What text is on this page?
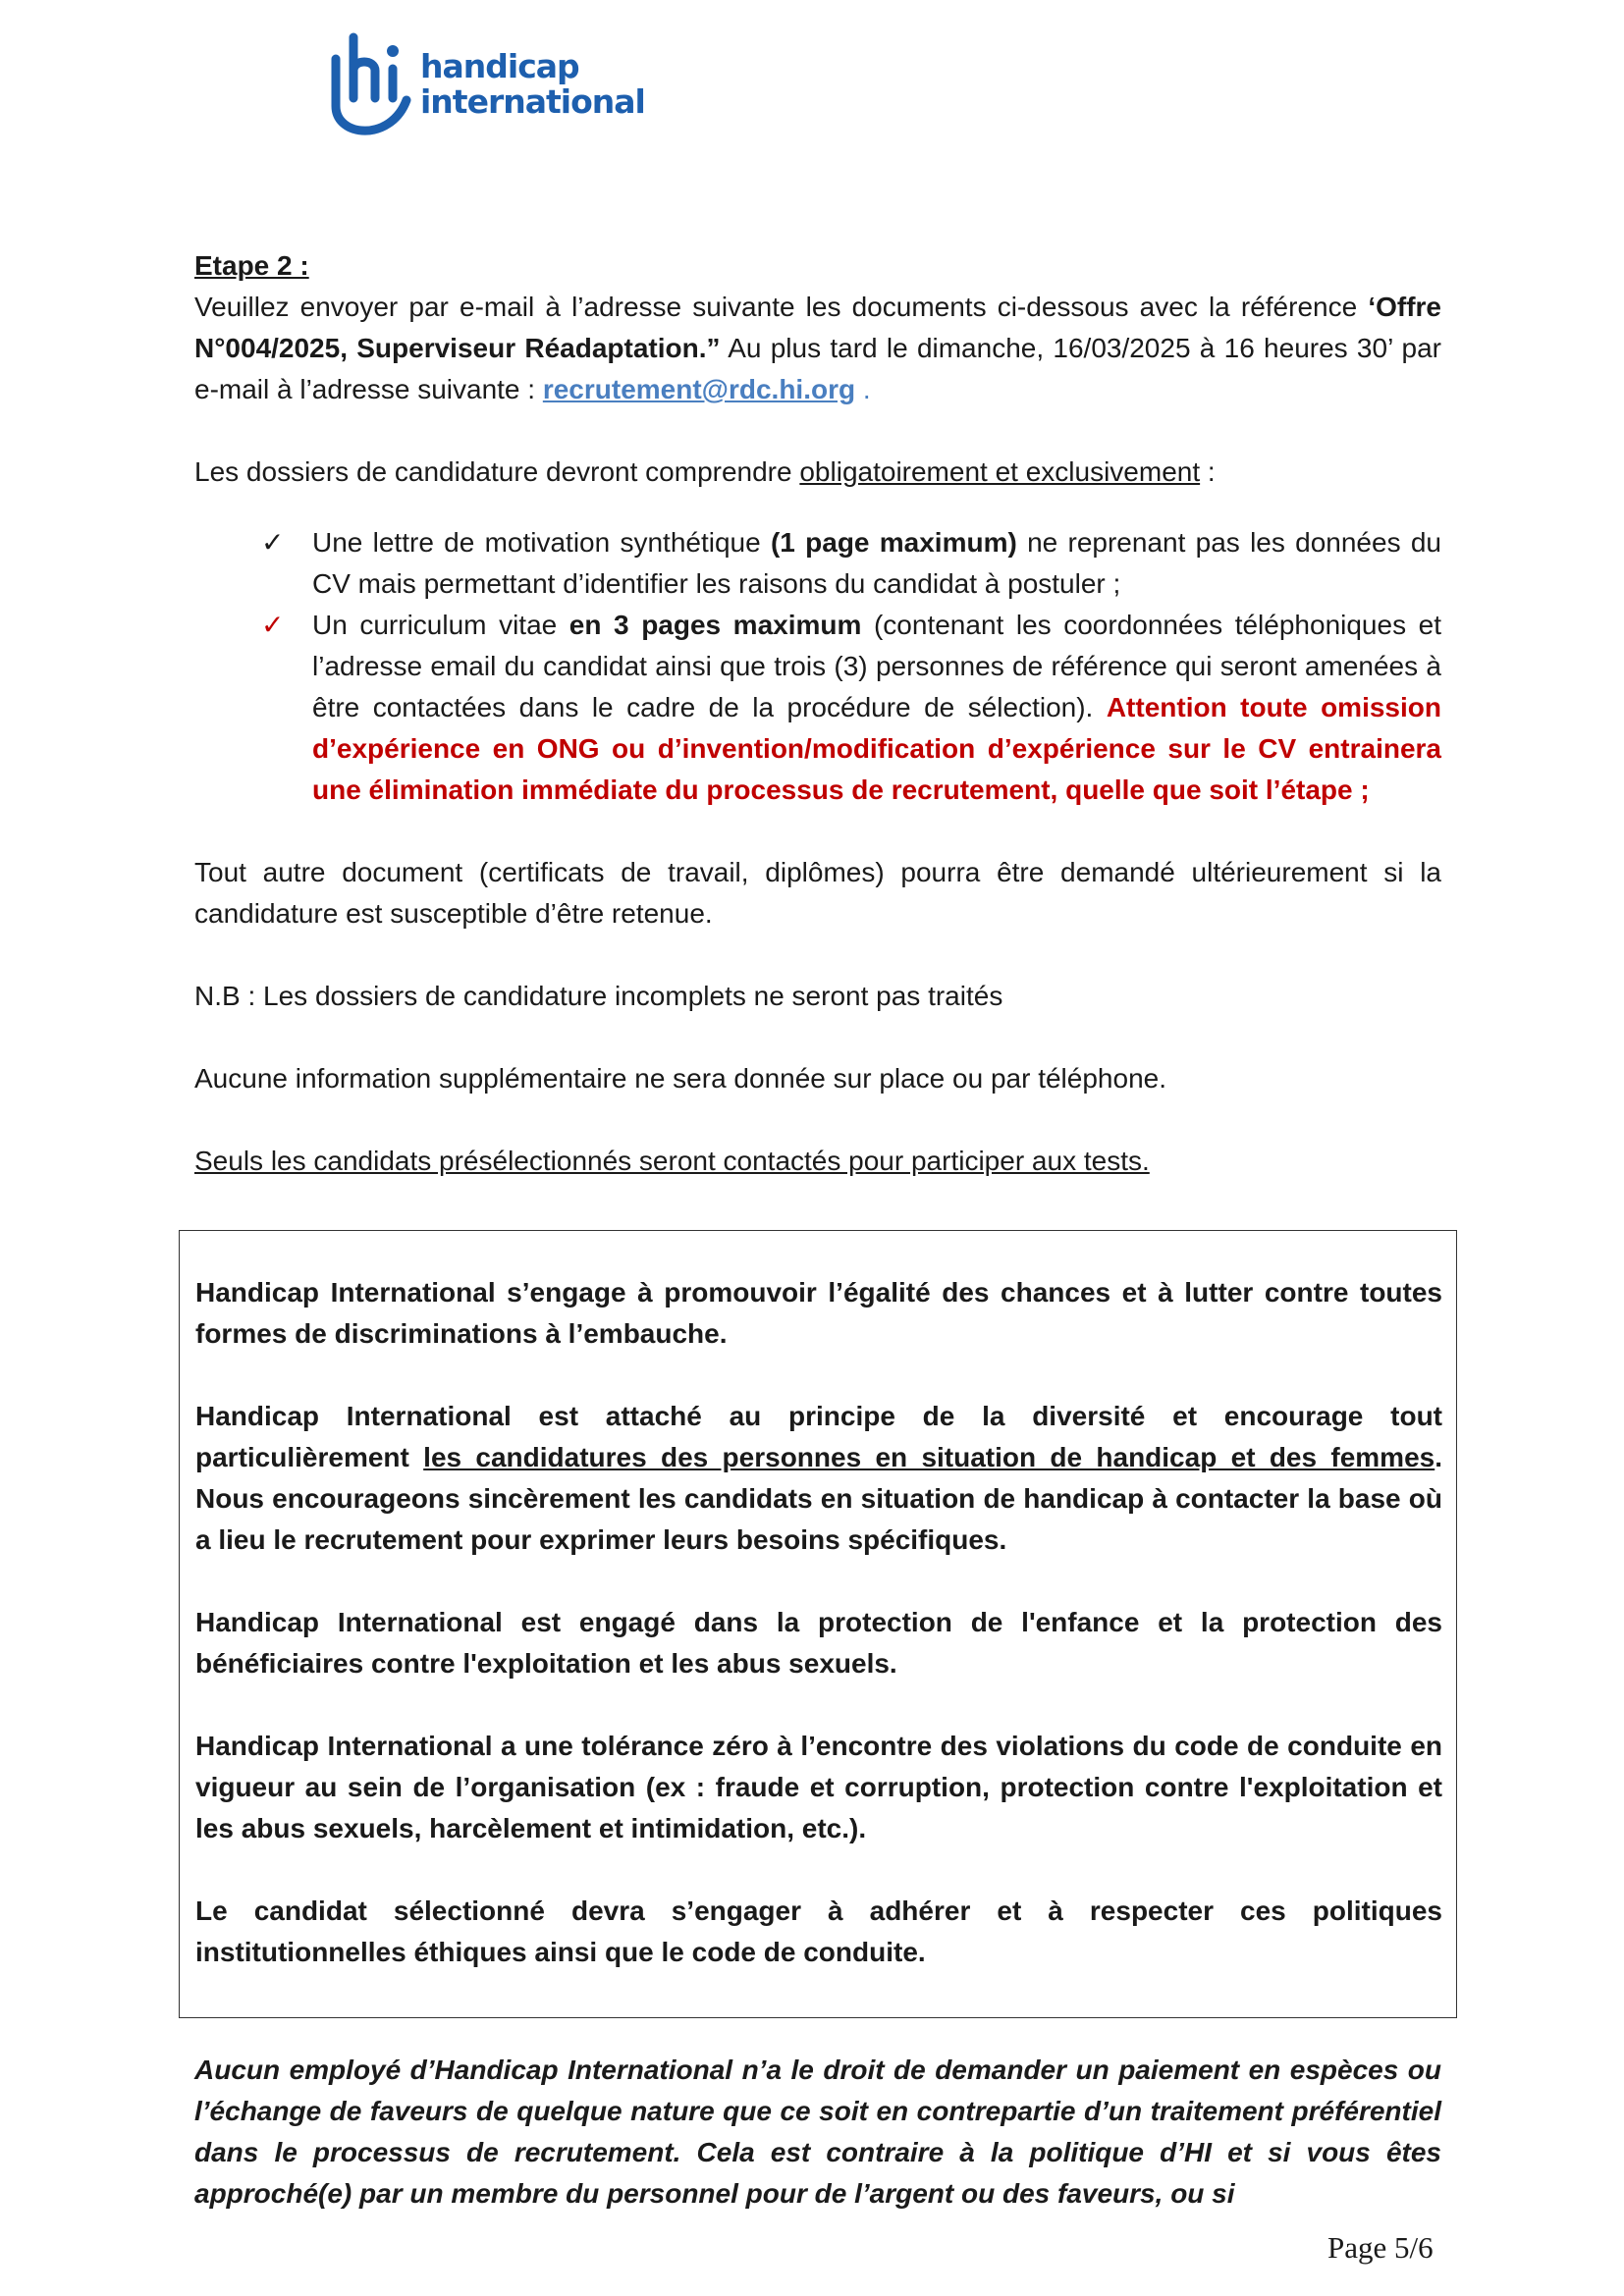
handicap
international

Etape 2 :

Veuillez envoyer par e-mail à l’adresse suivante les documents ci-dessous avec la référence ‘Offre N°004/2025, Superviseur Réadaptation.” Au plus tard le dimanche, 16/03/2025 à 16 heures 30’ par e-mail à l’adresse suivante : recrutement@rdc.hi.org .

Les dossiers de candidature devront comprendre obligatoirement et exclusivement :

✓ Une lettre de motivation synthétique (1 page maximum) ne reprenant pas les données du CV mais permettant d’identifier les raisons du candidat à postuler ;
✓ Un curriculum vitae en 3 pages maximum (contenant les coordonnées téléphoniques et l’adresse email du candidat ainsi que trois (3) personnes de référence qui seront amenées à être contactées dans le cadre de la procédure de sélection). Attention toute omission d’expérience en ONG ou d’invention/modification d’expérience sur le CV entrainera une élimination immédiate du processus de recrutement, quelle que soit l’étape ;

Tout autre document (certificats de travail, diplômes) pourra être demandé ultérieurement si la candidature est susceptible d’être retenue.

N.B : Les dossiers de candidature incomplets ne seront pas traités

Aucune information supplémentaire ne sera donnée sur place ou par téléphone.

Seuls les candidats présélectionnés seront contactés pour participer aux tests.

Handicap International s’engage à promouvoir l’égalité des chances et à lutter contre toutes formes de discriminations à l’embauche.

Handicap International est attaché au principe de la diversité et encourage tout particulièrement les candidatures des personnes en situation de handicap et des femmes. Nous encourageons sincèrement les candidats en situation de handicap à contacter la base où a lieu le recrutement pour exprimer leurs besoins spécifiques.

Handicap International est engagé dans la protection de l'enfance et la protection des bénéficiaires contre l'exploitation et les abus sexuels.

Handicap International a une tolérance zéro à l’encontre des violations du code de conduite en vigueur au sein de l’organisation (ex : fraude et corruption, protection contre l'exploitation et les abus sexuels, harcèlement et intimidation, etc.).

Le candidat sélectionné devra s’engager à adhérer et à respecter ces politiques institutionnelles éthiques ainsi que le code de conduite.

Aucun employé d’Handicap International n’a le droit de demander un paiement en espèces ou l’échange de faveurs de quelque nature que ce soit en contrepartie d’un traitement préférentiel dans le processus de recrutement. Cela est contraire à la politique d’HI et si vous êtes approché(e) par un membre du personnel pour de l’argent ou des faveurs, ou si

Page 5/6
